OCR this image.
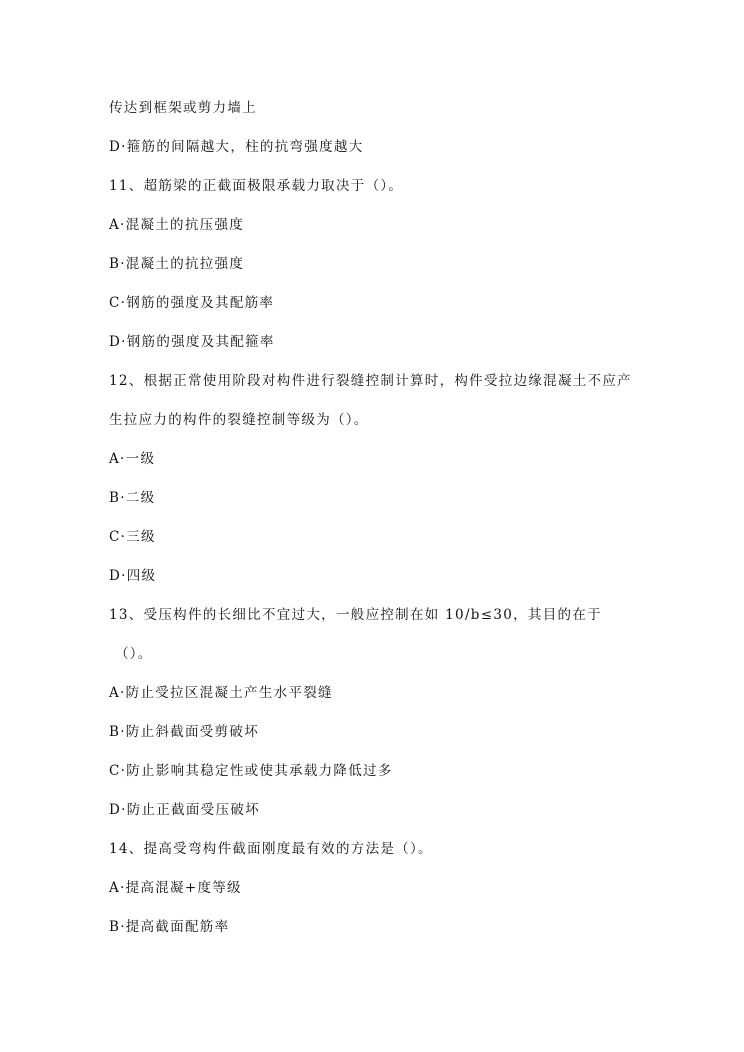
传达到框架或剪力墙上
D·箍筋的间隔越大，柱的抗弯强度越大
11、超筋梁的正截面极限承载力取决于（）。
A·混凝土的抗压强度
B·混凝土的抗拉强度
C·钢筋的强度及其配筋率
D·钢筋的强度及其配箍率
12、根据正常使用阶段对构件进行裂缝控制计算时，构件受拉边缘混凝土不应产
生拉应力的构件的裂缝控制等级为（）。
A·一级
B·二级
C·三级
D·四级
13、受压构件的长细比不宜过大，一般应控制在如 10/b≤30，其目的在于
（）。
A·防止受拉区混凝土产生水平裂缝
B·防止斜截面受剪破坏
C·防止影响其稳定性或使其承载力降低过多
D·防止正截面受压破坏
14、提高受弯构件截面刚度最有效的方法是（）。
A·提高混凝+度等级
B·提高截面配筋率
